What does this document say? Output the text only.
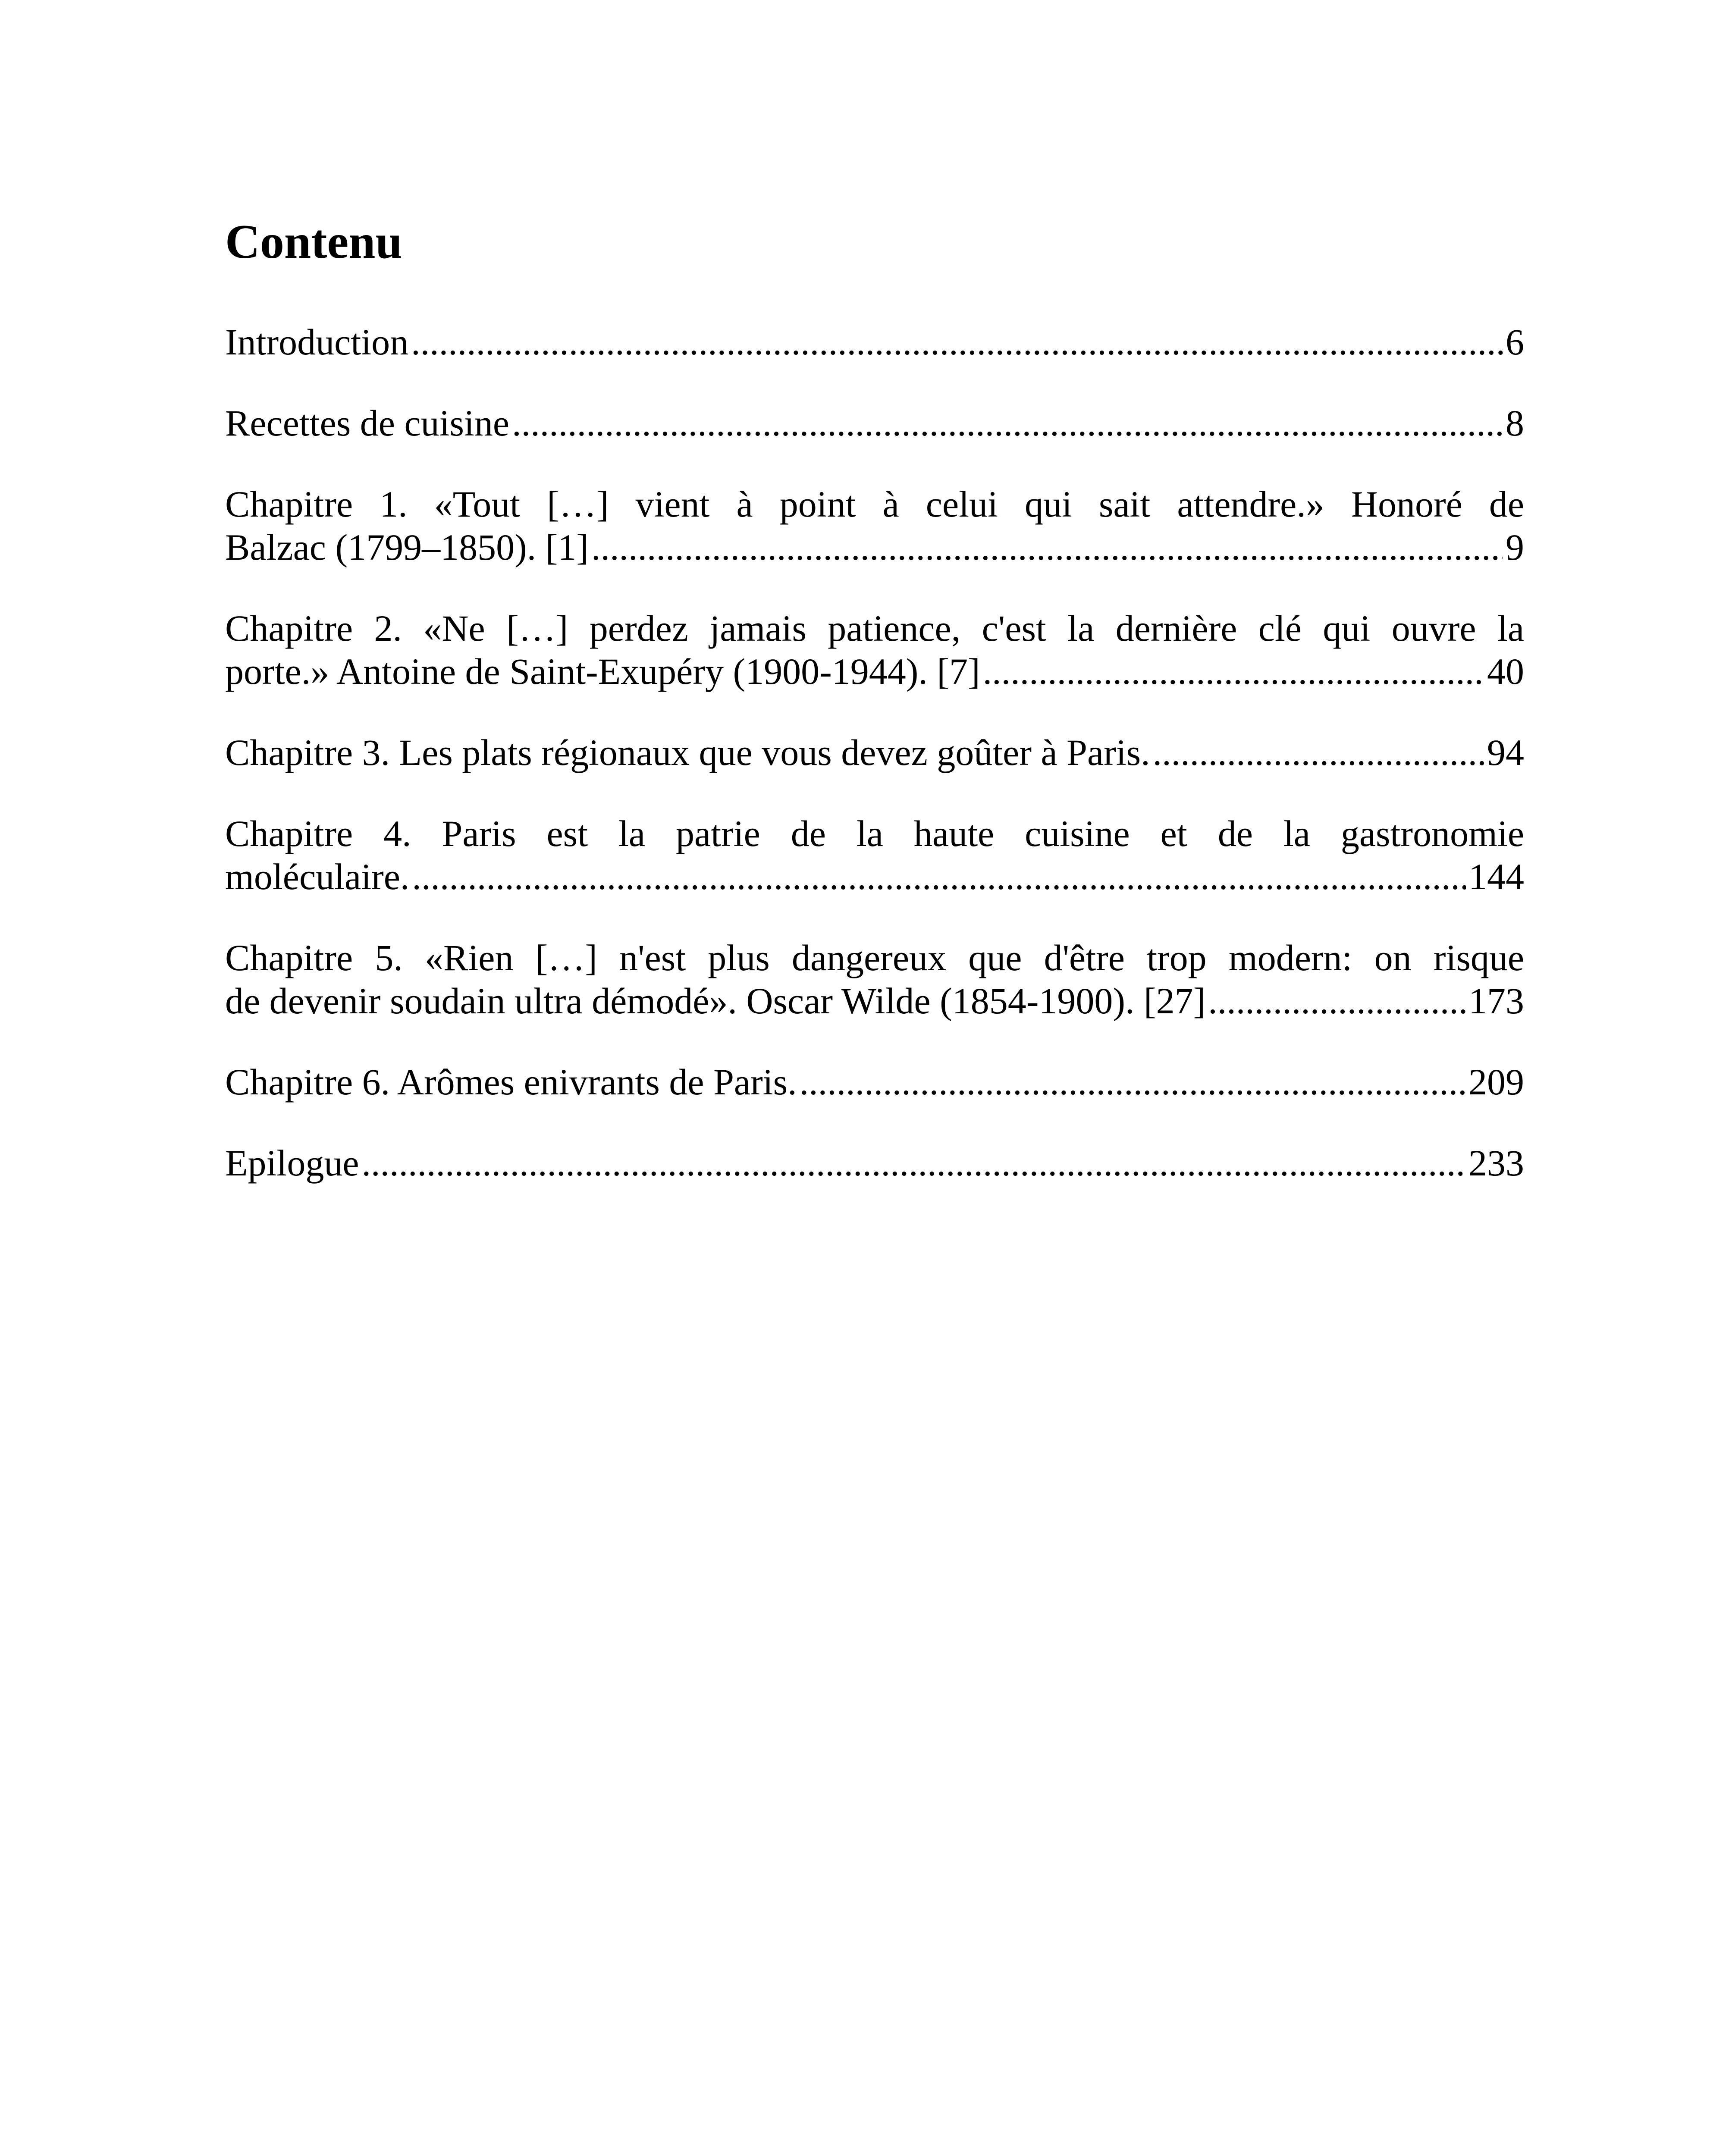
Contenu
Introduction .....	6
Recettes de cuisine .....	8
Chapitre 1. «Tout […] vient à point à celui qui sait attendre.» Honoré de
Balzac (1799–1850). [1] .....	9
Chapitre 2. «Ne […] perdez jamais patience, c'est la dernière clé qui ouvre la
porte.» Antoine de Saint-Exupéry (1900-1944). [7] .....	40
Chapitre 3. Les plats régionaux que vous devez goûter à Paris. .....	94
Chapitre 4. Paris est la patrie de la haute cuisine et de la gastronomie
moléculaire. .....	144
Chapitre 5. «Rien […] n'est plus dangereux que d'être trop modern: on risque
de devenir soudain ultra démodé». Oscar Wilde (1854-1900). [27] .....	173
Chapitre 6. Arômes enivrants de Paris. .....	209
Epilogue .....	233
